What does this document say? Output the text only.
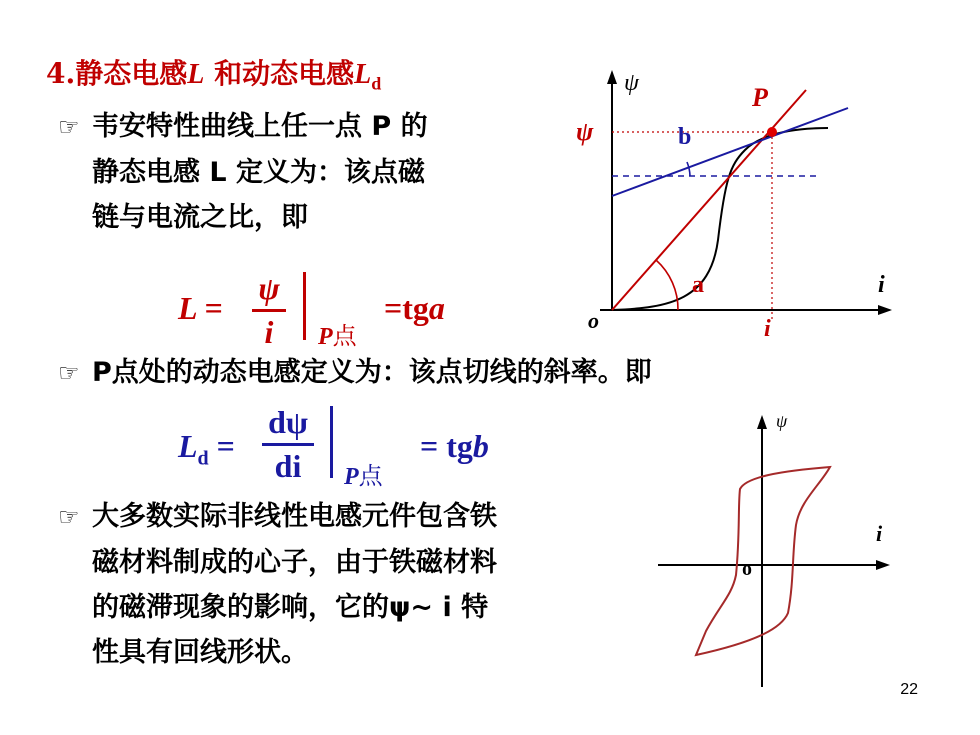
4.静态电感L 和动态电感$L_d$
☞ 韦安特性曲线上任一点 P 的
静态电感 L 定义为：该点磁
链与电流之比，即
L =
ψ
i	P点
=tga
ψ
i
o
P
ψ
i
a
b
☞ P点处的动态电感定义为：该点切线的斜率。即
$L_d$ =
dψ
di	P点
= tgb
☞ 大多数实际非线性电感元件包含铁
磁材料制成的心子，由于铁磁材料
的磁滞现象的影响，它的ψ~ i 特
性具有回线形状。
ψ
i
o
22
